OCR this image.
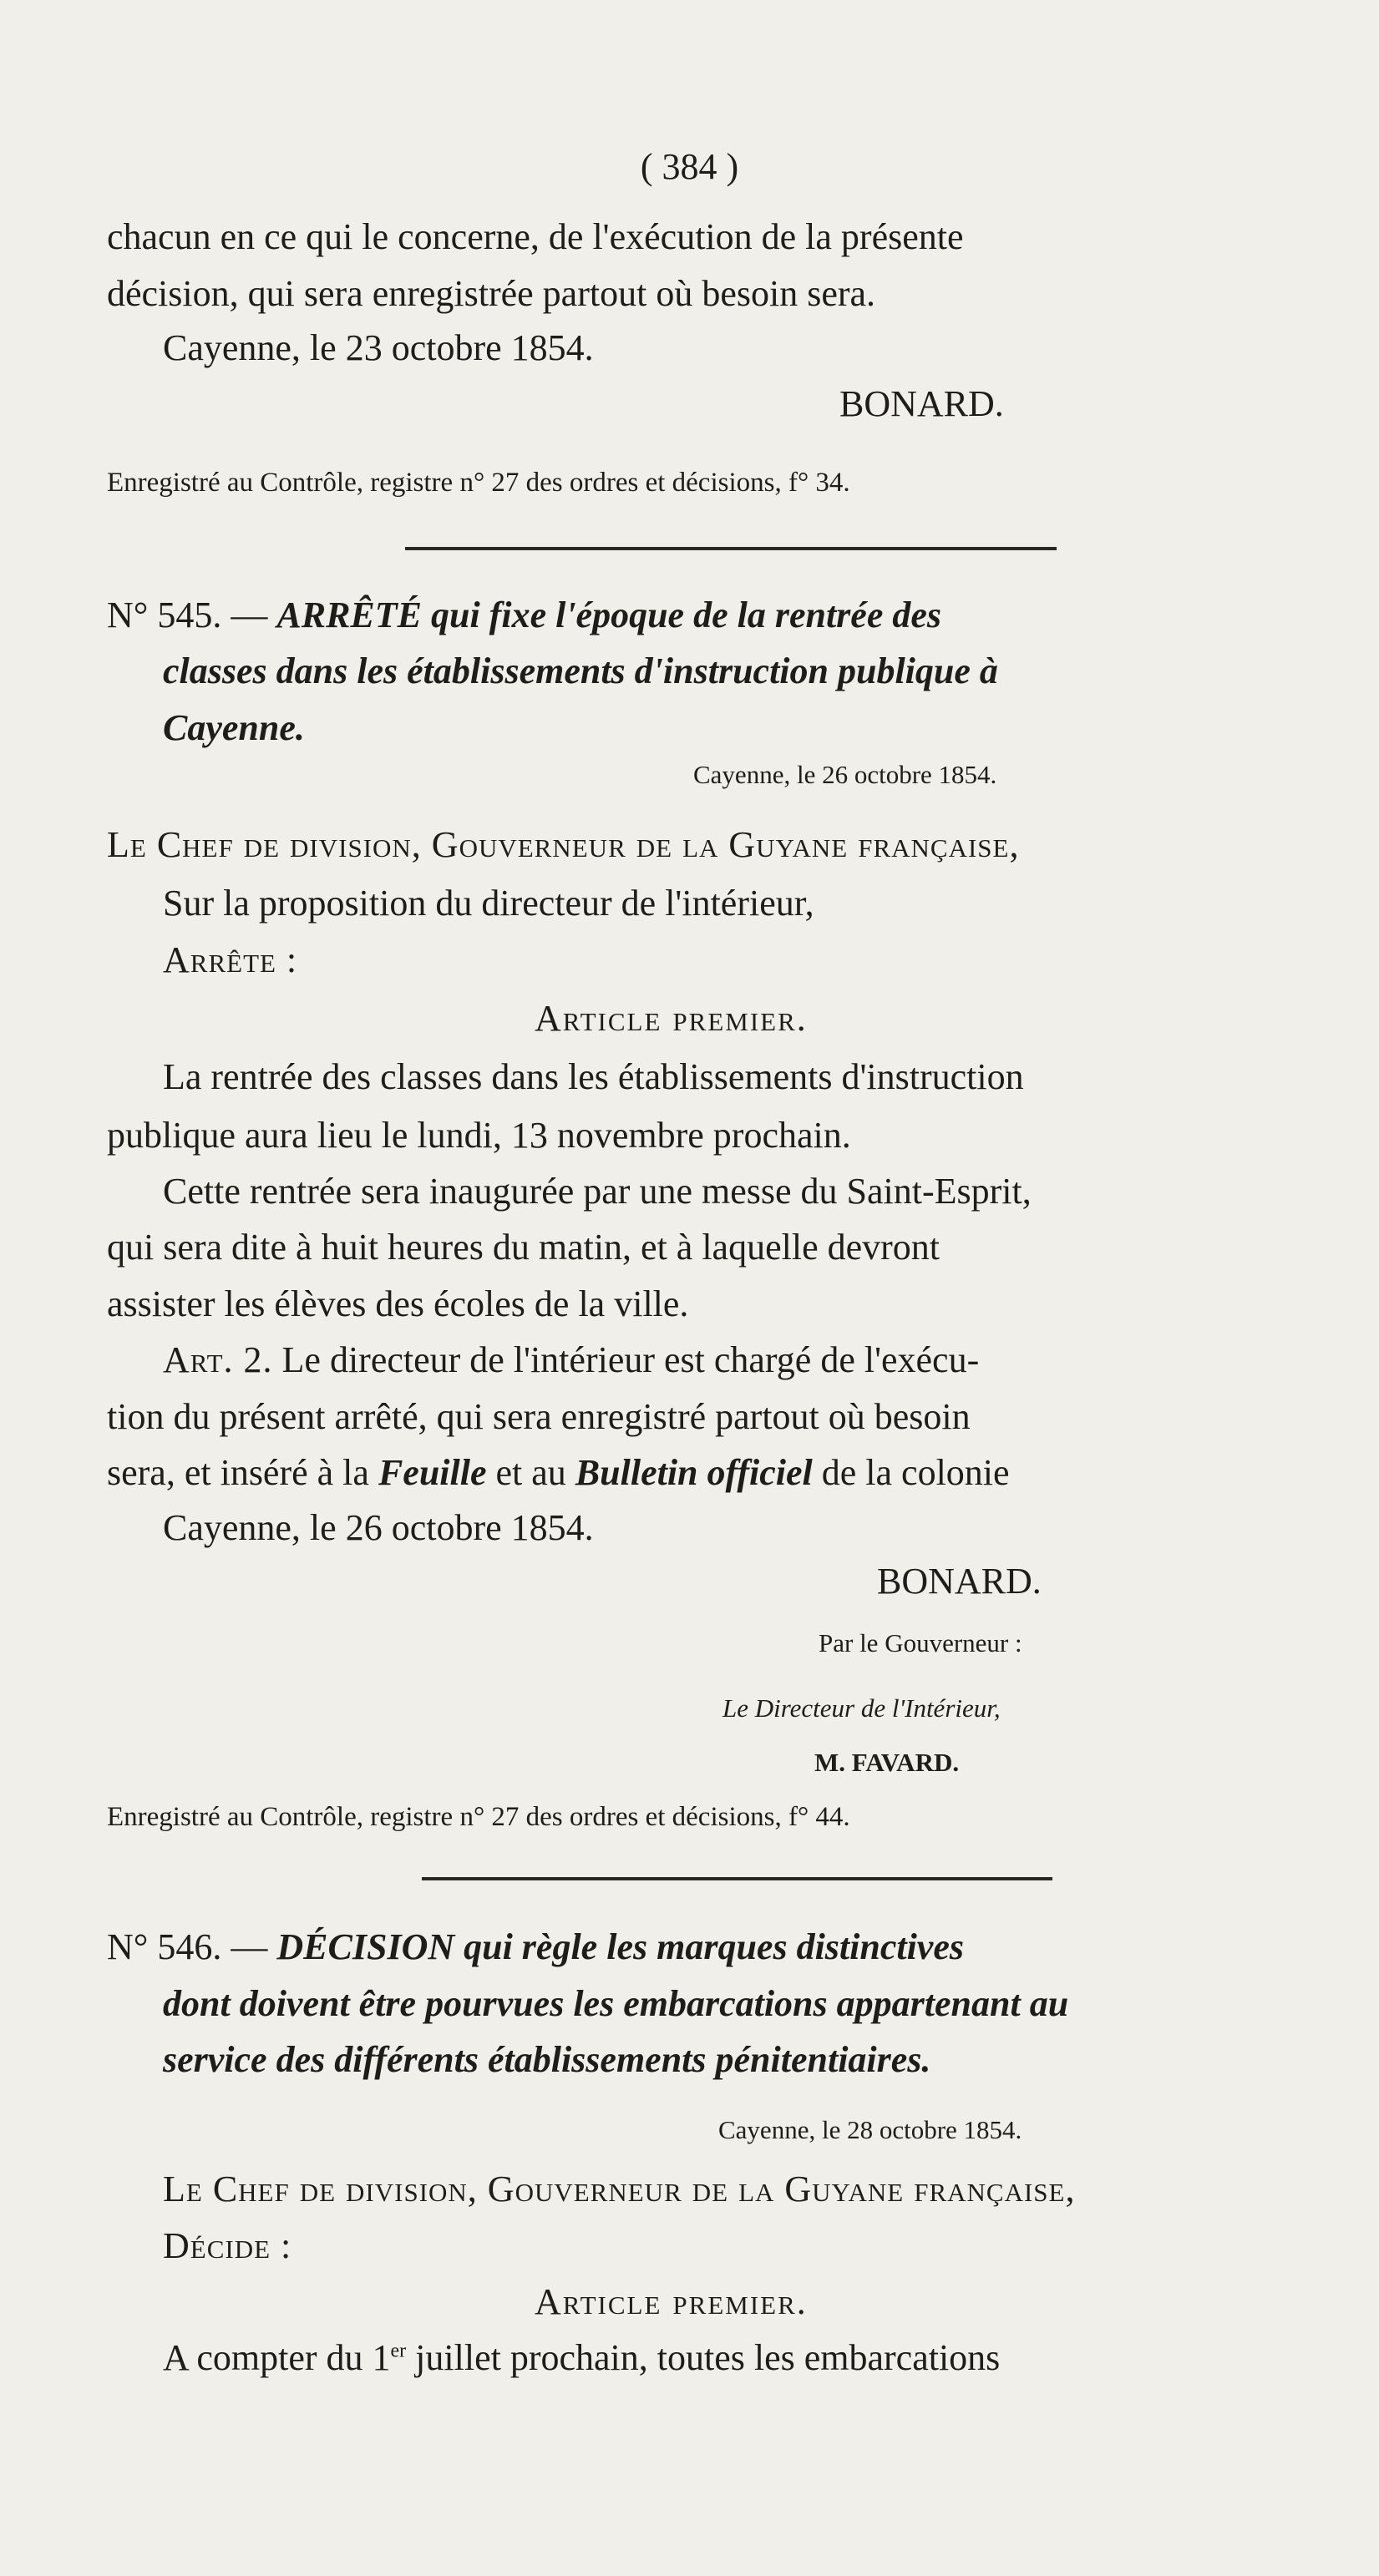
( 384 )
chacun en ce qui le concerne, de l'exécution de la présente
décision, qui sera enregistrée partout où besoin sera.
Cayenne, le 23 octobre 1854.
BONARD.
Enregistré au Contrôle, registre n° 27 des ordres et décisions, f° 34.
N° 545. — ARRÊTÉ qui fixe l'époque de la rentrée des
classes dans les établissements d'instruction publique à
Cayenne.
Cayenne, le 26 octobre 1854.
Le Chef de division, Gouverneur de la Guyane française,
Sur la proposition du directeur de l'intérieur,
Arrête :
Article premier.
La rentrée des classes dans les établissements d'instruction
publique aura lieu le lundi, 13 novembre prochain.
Cette rentrée sera inaugurée par une messe du Saint-Esprit,
qui sera dite à huit heures du matin, et à laquelle devront
assister les élèves des écoles de la ville.
Art. 2. Le directeur de l'intérieur est chargé de l'exécu-
tion du présent arrêté, qui sera enregistré partout où besoin
sera, et inséré à la Feuille et au Bulletin officiel de la colonie
Cayenne, le 26 octobre 1854.
BONARD.
Par le Gouverneur :
Le Directeur de l'Intérieur,
M. FAVARD.
Enregistré au Contrôle, registre n° 27 des ordres et décisions, f° 44.
N° 546. — DÉCISION qui règle les marques distinctives
dont doivent être pourvues les embarcations appartenant au
service des différents établissements pénitentiaires.
Cayenne, le 28 octobre 1854.
Le Chef de division, Gouverneur de la Guyane française,
Décide :
Article premier.
A compter du 1er juillet prochain, toutes les embarcations
